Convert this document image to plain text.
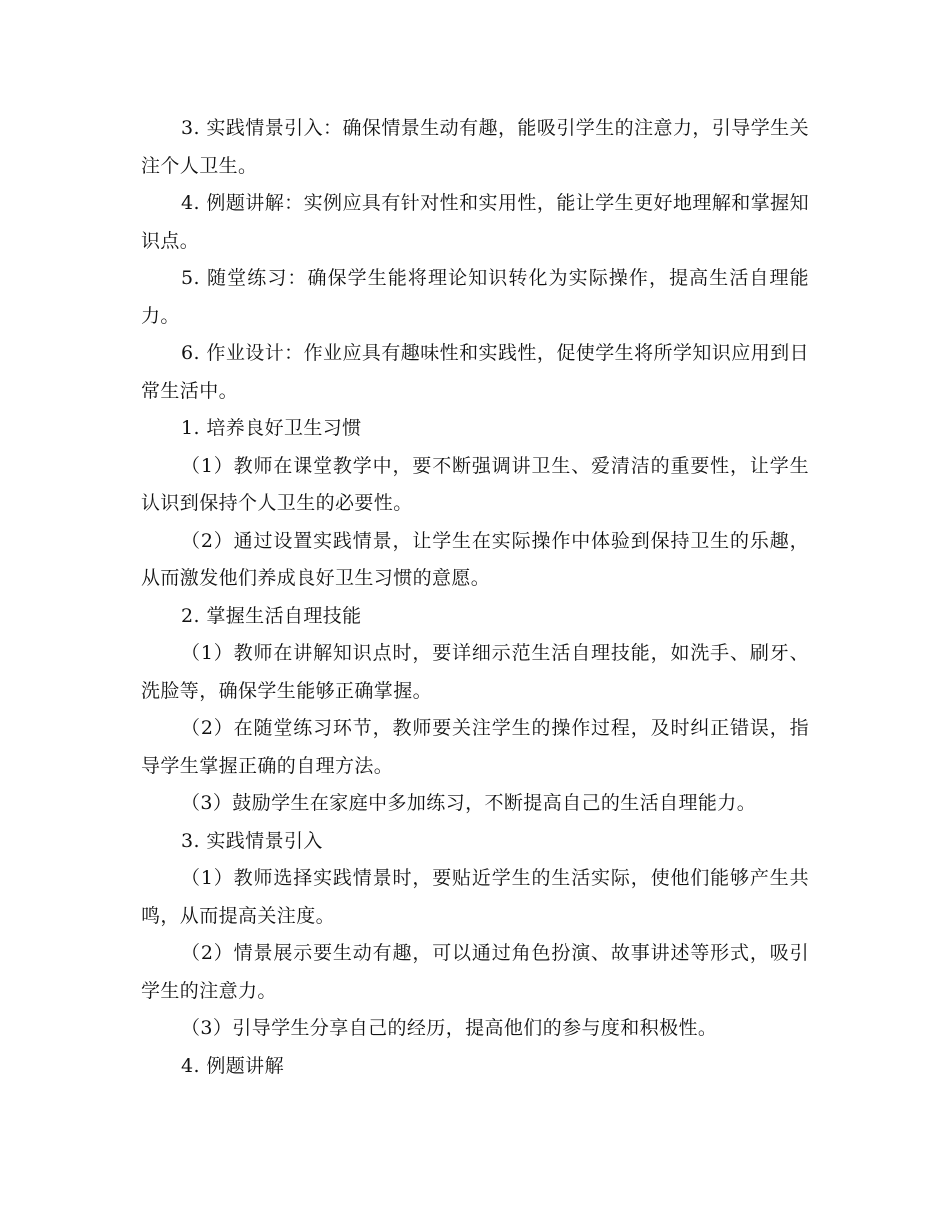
3. 实践情景引入：确保情景生动有趣，能吸引学生的注意力，引导学生关注个人卫生。

4. 例题讲解：实例应具有针对性和实用性，能让学生更好地理解和掌握知识点。

5. 随堂练习：确保学生能将理论知识转化为实际操作，提高生活自理能力。

6. 作业设计：作业应具有趣味性和实践性，促使学生将所学知识应用到日常生活中。

1. 培养良好卫生习惯

（1）教师在课堂教学中，要不断强调讲卫生、爱清洁的重要性，让学生认识到保持个人卫生的必要性。

（2）通过设置实践情景，让学生在实际操作中体验到保持卫生的乐趣，从而激发他们养成良好卫生习惯的意愿。

2. 掌握生活自理技能

（1）教师在讲解知识点时，要详细示范生活自理技能，如洗手、刷牙、洗脸等，确保学生能够正确掌握。

（2）在随堂练习环节，教师要关注学生的操作过程，及时纠正错误，指导学生掌握正确的自理方法。

（3）鼓励学生在家庭中多加练习，不断提高自己的生活自理能力。

3. 实践情景引入

（1）教师选择实践情景时，要贴近学生的生活实际，使他们能够产生共鸣，从而提高关注度。

（2）情景展示要生动有趣，可以通过角色扮演、故事讲述等形式，吸引学生的注意力。

（3）引导学生分享自己的经历，提高他们的参与度和积极性。

4. 例题讲解
